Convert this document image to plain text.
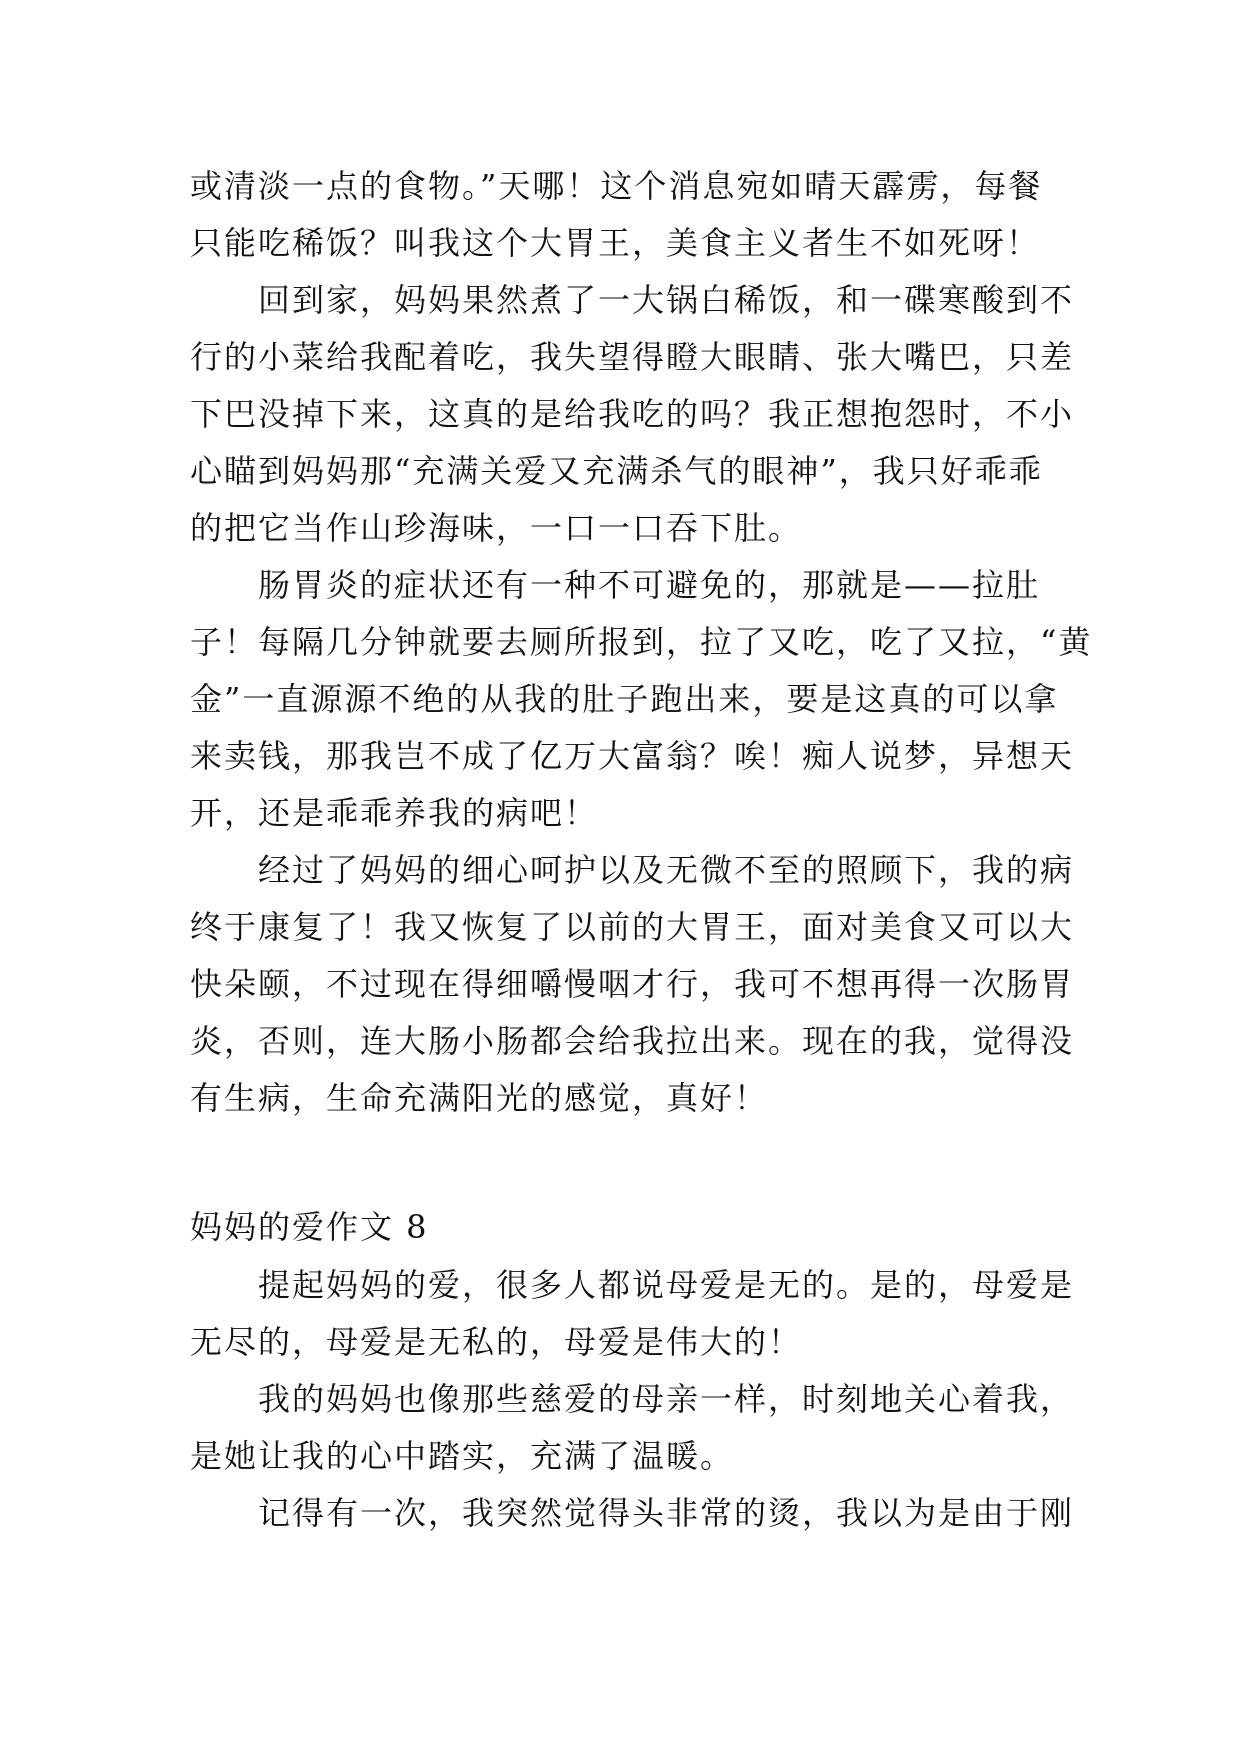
或清淡一点的食物。”天哪！这个消息宛如晴天霹雳，每餐
只能吃稀饭？叫我这个大胃王，美食主义者生不如死呀！
回到家，妈妈果然煮了一大锅白稀饭，和一碟寒酸到不
行的小菜给我配着吃，我失望得瞪大眼睛、张大嘴巴，只差
下巴没掉下来，这真的是给我吃的吗？我正想抱怨时，不小
心瞄到妈妈那“充满关爱又充满杀气的眼神”，我只好乖乖
的把它当作山珍海味，一口一口吞下肚。
肠胃炎的症状还有一种不可避免的，那就是——拉肚
子！每隔几分钟就要去厕所报到，拉了又吃，吃了又拉，“黄
金”一直源源不绝的从我的肚子跑出来，要是这真的可以拿
来卖钱，那我岂不成了亿万大富翁？唉！痴人说梦，异想天
开，还是乖乖养我的病吧！
经过了妈妈的细心呵护以及无微不至的照顾下，我的病
终于康复了！我又恢复了以前的大胃王，面对美食又可以大
快朵颐，不过现在得细嚼慢咽才行，我可不想再得一次肠胃
炎，否则，连大肠小肠都会给我拉出来。现在的我，觉得没
有生病，生命充满阳光的感觉，真好！
妈妈的爱作文 8
提起妈妈的爱，很多人都说母爱是无的。是的，母爱是
无尽的，母爱是无私的，母爱是伟大的！
我的妈妈也像那些慈爱的母亲一样，时刻地关心着我，
是她让我的心中踏实，充满了温暖。
记得有一次，我突然觉得头非常的烫，我以为是由于刚
